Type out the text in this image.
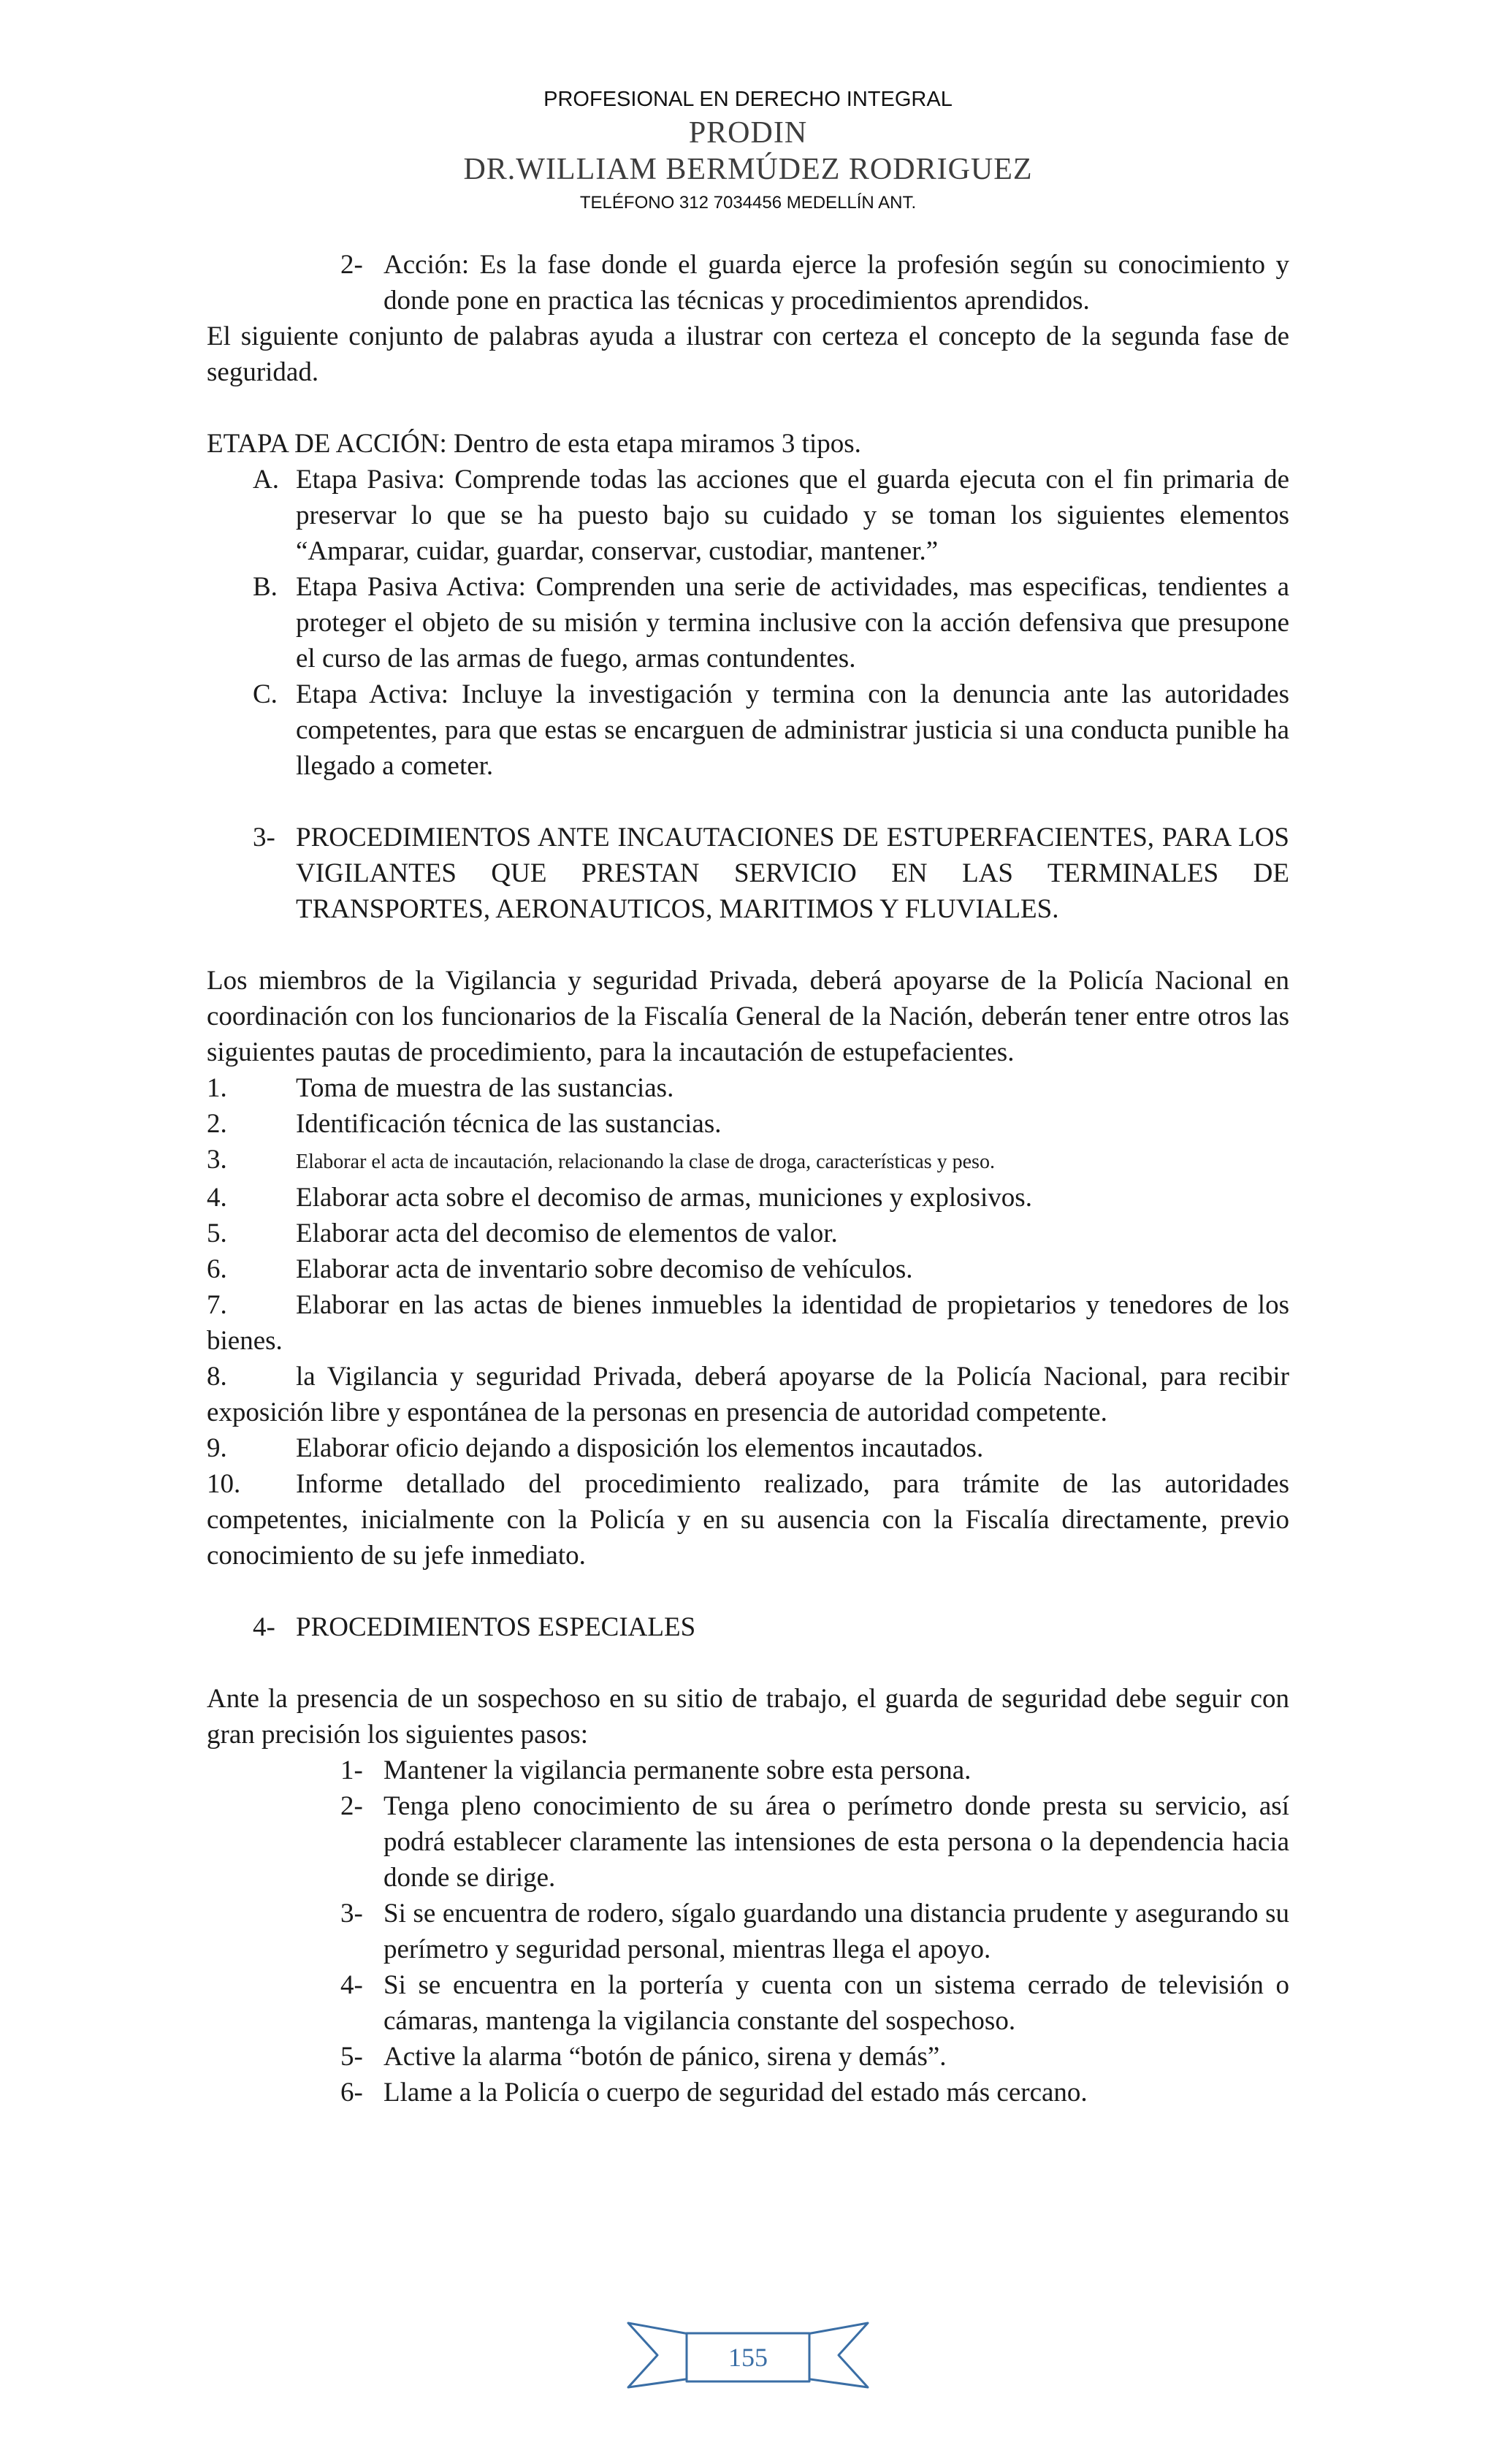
PROFESIONAL EN DERECHO INTEGRAL
PRODIN
DR.WILLIAM BERMÚDEZ RODRIGUEZ
TELÉFONO 312 7034456 MEDELLÍN ANT.
2- Acción: Es la fase donde el guarda ejerce la profesión según su conocimiento y donde pone en practica las técnicas y procedimientos aprendidos.

El siguiente conjunto de palabras ayuda a ilustrar con certeza el concepto de la segunda fase de seguridad.

ETAPA DE ACCIÓN: Dentro de esta etapa miramos 3 tipos.

A. Etapa Pasiva: Comprende todas las acciones que el guarda ejecuta con el fin primaria de preservar lo que se ha puesto bajo su cuidado y se toman los siguientes elementos “Amparar, cuidar, guardar, conservar, custodiar, mantener.”
B. Etapa Pasiva Activa: Comprenden una serie de actividades, mas especificas, tendientes a proteger el objeto de su misión y termina inclusive con la acción defensiva que presupone el curso de las armas de fuego, armas contundentes.
C. Etapa Activa: Incluye la investigación y termina con la denuncia ante las autoridades competentes, para que estas se encarguen de administrar justicia si una conducta punible ha llegado a cometer.
3- PROCEDIMIENTOS ANTE INCAUTACIONES DE ESTUPERFACIENTES, PARA LOS VIGILANTES QUE PRESTAN SERVICIO EN LAS TERMINALES DE TRANSPORTES, AERONAUTICOS, MARITIMOS Y FLUVIALES.

Los miembros de la Vigilancia y seguridad Privada, deberá apoyarse de la Policía Nacional en coordinación con los funcionarios de la Fiscalía General de la Nación, deberán tener entre otros las siguientes pautas de procedimiento, para la incautación de estupefacientes.

1.	Toma de muestra de las sustancias.
2.	Identificación técnica de las sustancias.
3.	Elaborar el acta de incautación, relacionando la clase de droga, características y peso.
4.	Elaborar acta sobre el decomiso de armas, municiones y explosivos.
5.	Elaborar acta del decomiso de elementos de valor.
6.	Elaborar acta de inventario sobre decomiso de vehículos.
7.	Elaborar en las actas de bienes inmuebles la identidad de propietarios y tenedores de los bienes.
8.	la Vigilancia y seguridad Privada, deberá apoyarse de la Policía Nacional, para recibir exposición libre y espontánea de la personas en presencia de autoridad competente.
9.	Elaborar oficio dejando a disposición los elementos incautados.
10. Informe detallado del procedimiento realizado, para trámite de las autoridades competentes, inicialmente con la Policía y en su ausencia con la Fiscalía directamente, previo conocimiento de su jefe inmediato.
4- PROCEDIMIENTOS ESPECIALES

Ante la presencia de un sospechoso en su sitio de trabajo, el guarda de seguridad debe seguir con gran precisión los siguientes pasos:

1- Mantener la vigilancia permanente sobre esta persona.
2- Tenga pleno conocimiento de su área o perímetro donde presta su servicio, así podrá establecer claramente las intensiones de esta persona o la dependencia hacia donde se dirige.
3- Si se encuentra de rodero, sígalo guardando una distancia prudente y asegurando su perímetro y seguridad personal, mientras llega el apoyo.
4- Si se encuentra en la portería y cuenta con un sistema cerrado de televisión o cámaras, mantenga la vigilancia constante del sospechoso.
5- Active la alarma “botón de pánico, sirena y demás”.
6- Llame a la Policía o cuerpo de seguridad del estado más cercano.
155
